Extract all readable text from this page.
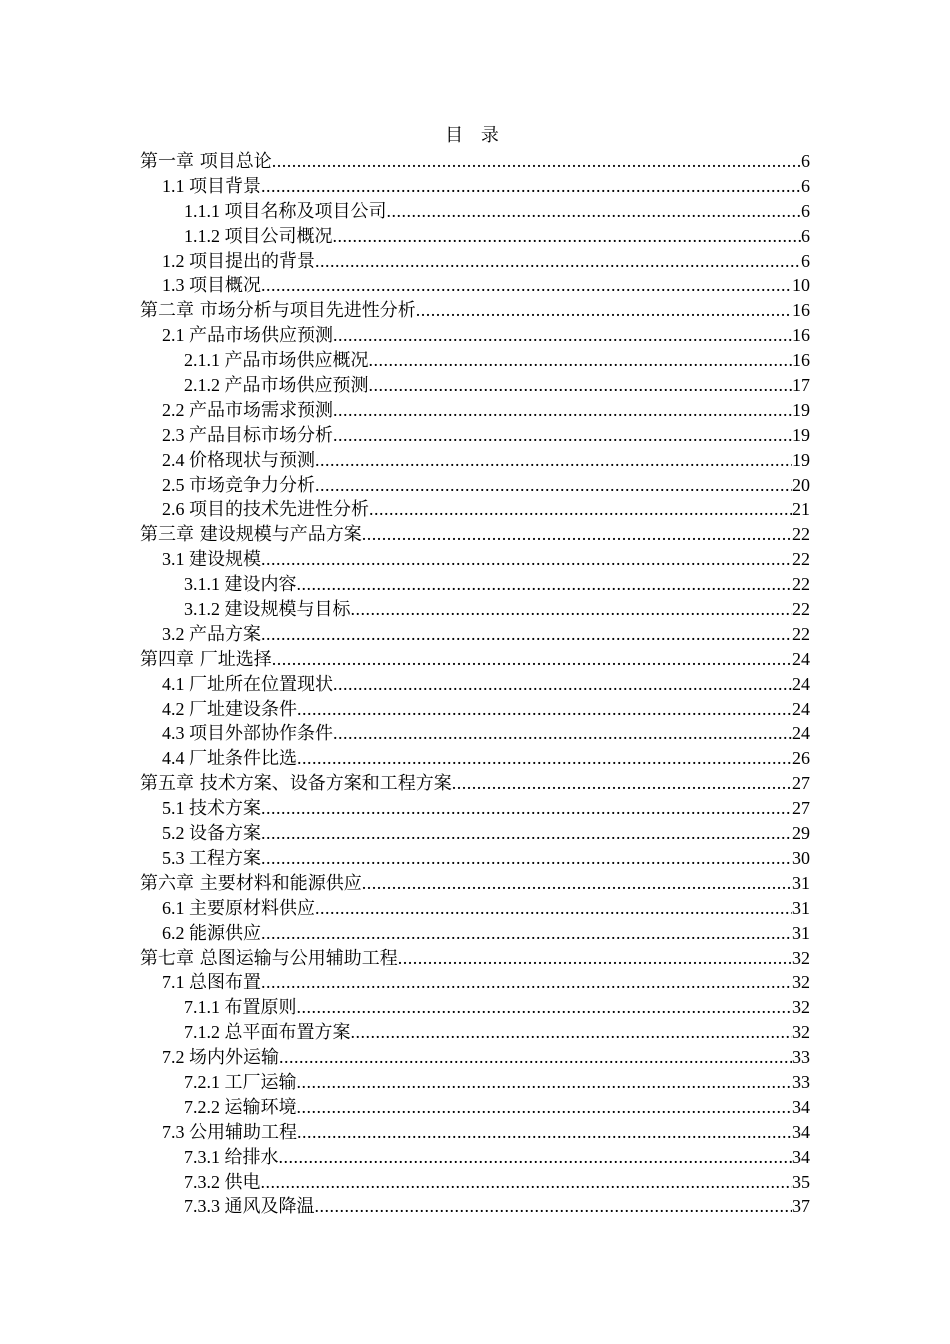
目 录
第一章 项目总论 .....	6
1.1 项目背景 .....	6
1.1.1 项目名称及项目公司 .....	6
1.1.2 项目公司概况 .....	6
1.2 项目提出的背景 .....	6
1.3 项目概况 .....	10
第二章 市场分析与项目先进性分析 .....	16
2.1 产品市场供应预测 .....	16
2.1.1 产品市场供应概况 .....	16
2.1.2 产品市场供应预测 .....	17
2.2 产品市场需求预测 .....	19
2.3 产品目标市场分析 .....	19
2.4 价格现状与预测 .....	19
2.5 市场竞争力分析 .....	20
2.6 项目的技术先进性分析 .....	21
第三章 建设规模与产品方案 .....	22
3.1 建设规模 .....	22
3.1.1 建设内容 .....	22
3.1.2 建设规模与目标 .....	22
3.2 产品方案 .....	22
第四章 厂址选择 .....	24
4.1 厂址所在位置现状 .....	24
4.2 厂址建设条件 .....	24
4.3 项目外部协作条件 .....	24
4.4 厂址条件比选 .....	26
第五章 技术方案、设备方案和工程方案 .....	27
5.1 技术方案 .....	27
5.2 设备方案 .....	29
5.3 工程方案 .....	30
第六章 主要材料和能源供应 .....	31
6.1 主要原材料供应 .....	31
6.2 能源供应 .....	31
第七章 总图运输与公用辅助工程 .....	32
7.1 总图布置 .....	32
7.1.1 布置原则 .....	32
7.1.2 总平面布置方案 .....	32
7.2 场内外运输 .....	33
7.2.1 工厂运输 .....	33
7.2.2 运输环境 .....	34
7.3 公用辅助工程 .....	34
7.3.1 给排水 .....	34
7.3.2 供电 .....	35
7.3.3 通风及降温 .....	37
